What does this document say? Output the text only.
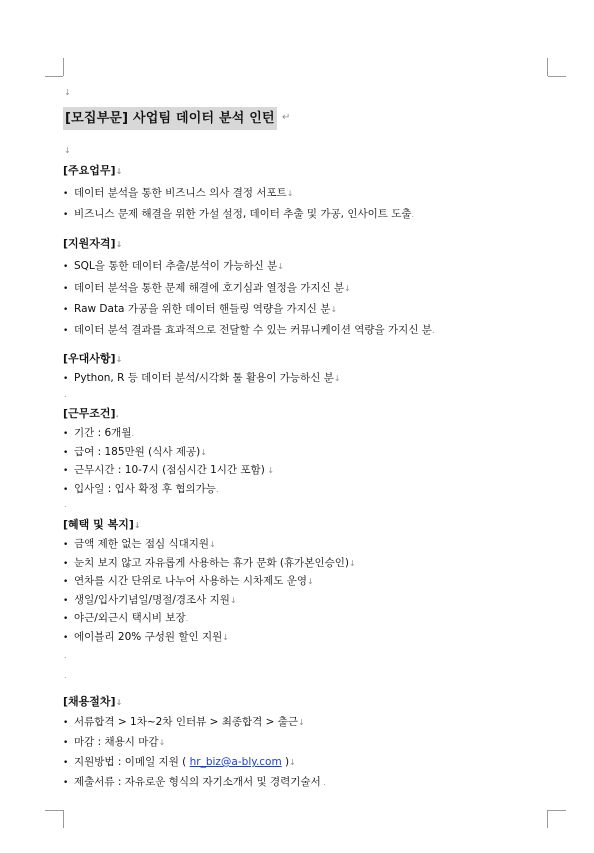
↓
[모집부문] 사업팀 데이터 분석 인턴 ↵
↓
[주요업무]↓
• 데이터 분석을 통한 비즈니스 의사 결정 서포트↓
• 비즈니스 문제 해결을 위한 가설 설정, 데이터 추출 및 가공, 인사이트 도출.
[지원자격]↓
• SQL을 통한 데이터 추출/분석이 가능하신 분↓
• 데이터 분석을 통한 문제 해결에 호기심과 열정을 가지신 분↓
• Raw Data 가공을 위한 데이터 핸들링 역량을 가지신 분↓
• 데이터 분석 결과를 효과적으로 전달할 수 있는 커뮤니케이션 역량을 가지신 분.
[우대사항]↓
• Python, R 등 데이터 분석/시각화 툴 활용이 가능하신 분↓
.
[근무조건].
• 기간 : 6개월.
• 급여 : 185만원 (식사 제공)↓
• 근무시간 : 10-7시 (점심시간 1시간 포함) ↓
• 입사일 : 입사 확정 후 협의가능.
.
[혜택 및 복지]↓
• 금액 제한 없는 점심 식대지원↓
• 눈치 보지 않고 자유롭게 사용하는 휴가 문화 (휴가본인승인)↓
• 연차를 시간 단위로 나누어 사용하는 시차제도 운영↓
• 생일/입사기념일/명절/경조사 지원↓
• 야근/외근시 택시비 보장.
• 에이블리 20% 구성원 할인 지원↓
.
.
[채용절차]↓
• 서류합격 > 1차~2차 인터뷰 > 최종합격 > 출근↓
• 마감 : 채용시 마감↓
• 지원방법 : 이메일 지원 ( hr_biz@a-bly.com )↓
• 제출서류 : 자유로운 형식의 자기소개서 및 경력기술서 .
